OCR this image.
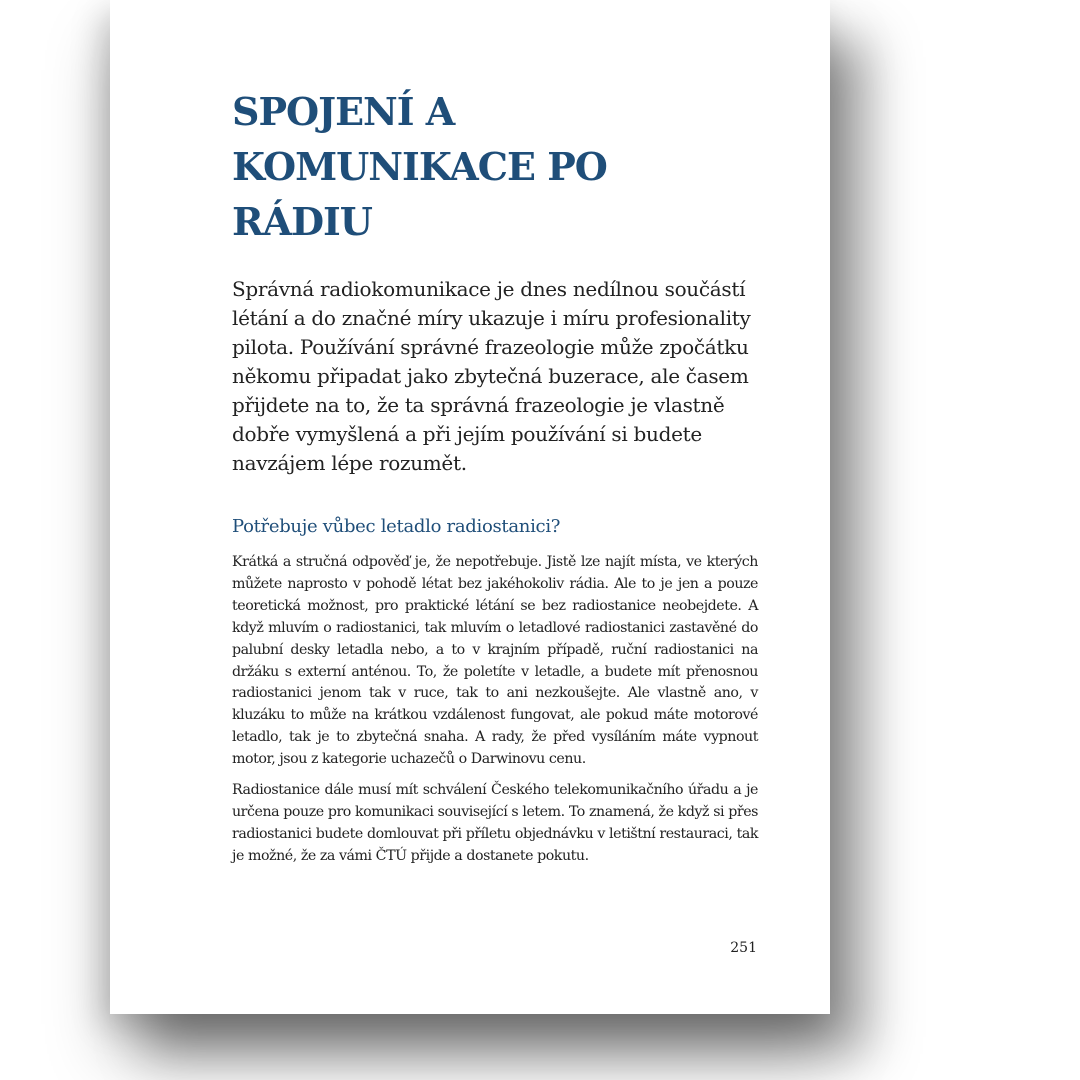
SPOJENÍ A KOMUNIKACE PO RÁDIU

Správná radiokomunikace je dnes nedílnou součástí létání a do značné míry ukazuje i míru profesionality pilota. Používání správné frazeologie může zpočátku někomu připadat jako zbytečná buzerace, ale časem přijdete na to, že ta správná frazeologie je vlastně dobře vymyšlená a při jejím používání si budete navzájem lépe rozumět.

Potřebuje vůbec letadlo radiostanici?

Krátká a stručná odpověď je, že nepotřebuje. Jistě lze najít místa, ve kterých můžete naprosto v pohodě létat bez jakéhokoliv rádia. Ale to je jen a pouze teoretická možnost, pro praktické létání se bez radiostanice neobejdete. A když mluvím o radiostanici, tak mluvím o letadlové radiostanici zastavěné do palubní desky letadla nebo, a to v krajním případě, ruční radiostanici na držáku s externí anténou. To, že poletíte v letadle, a budete mít přenosnou radiostanici jenom tak v ruce, tak to ani nezkoušejte. Ale vlastně ano, v kluzáku to může na krátkou vzdálenost fungovat, ale pokud máte motorové letadlo, tak je to zbytečná snaha. A rady, že před vysíláním máte vypnout motor, jsou z kategorie uchazečů o Darwinovu cenu.

Radiostanice dále musí mít schválení Českého telekomunikačního úřadu a je určena pouze pro komunikaci související s letem. To znamená, že když si přes radiostanici budete domlouvat při příletu objednávku v letištní restauraci, tak je možné, že za vámi ČTÚ přijde a dostanete pokutu.

251
